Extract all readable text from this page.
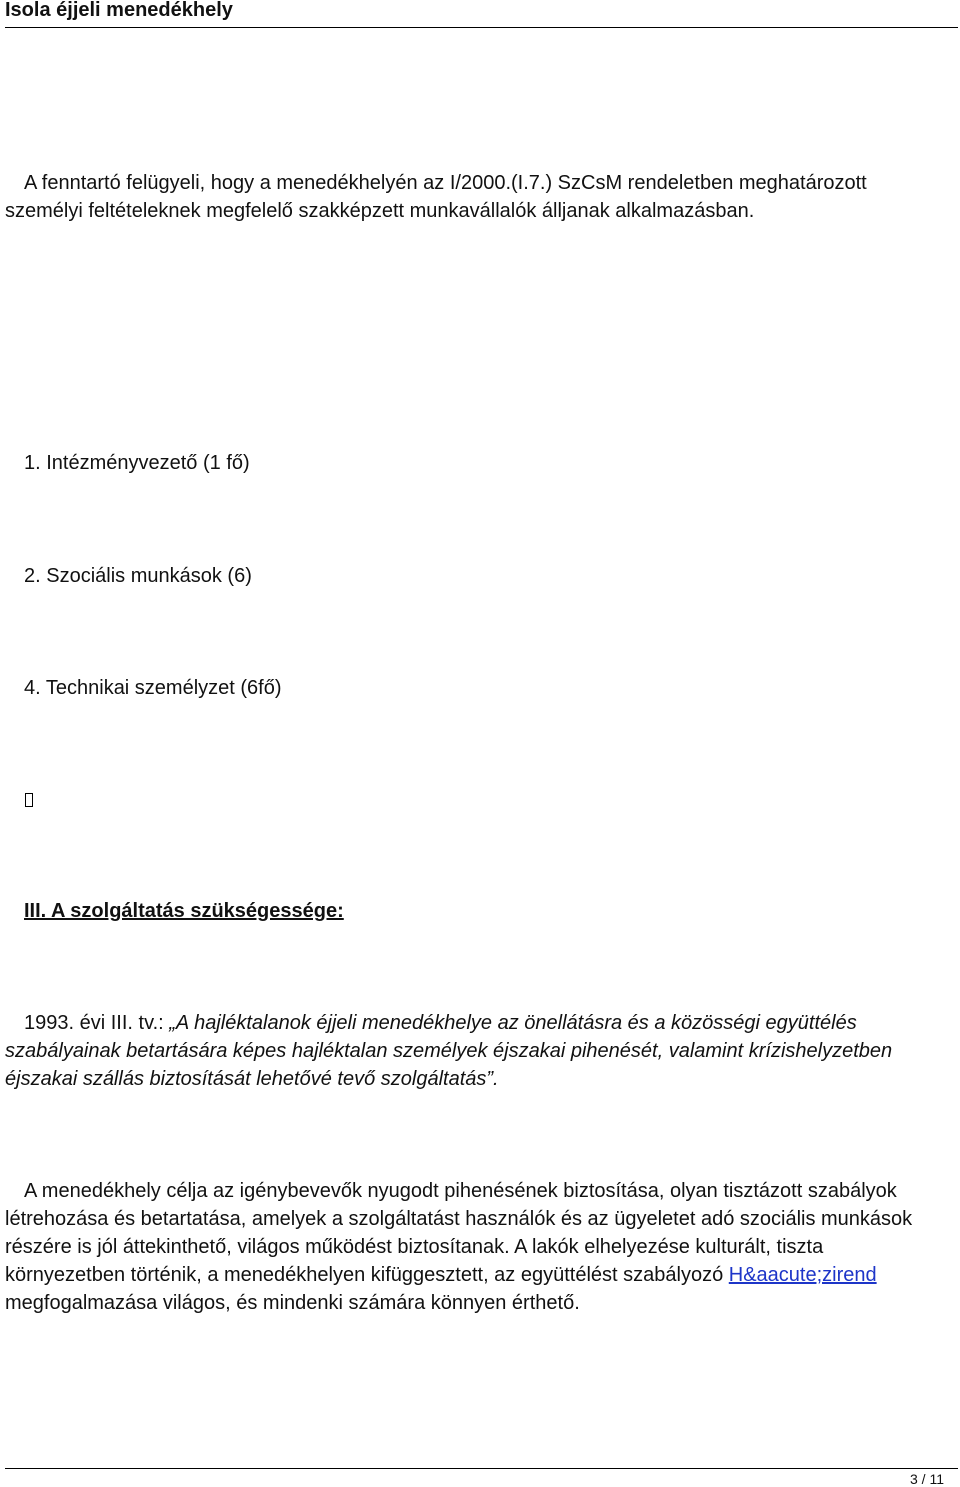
Isola éjjeli menedékhely

A fenntartó felügyeli, hogy a menedékhelyén az I/2000.(I.7.) SzCsM rendeletben meghatározott személyi feltételeknek megfelelő szakképzett munkavállalók álljanak alkalmazásban.

1. Intézményvezető (1 fő)

2. Szociális munkások (6)

4. Technikai személyzet (6fő)

III. A szolgáltatás szükségessége:

1993. évi III. tv.: „A hajléktalanok éjjeli menedékhelye az önellátásra és a közösségi együttélés szabályainak betartására képes hajléktalan személyek éjszakai pihenését, valamint krízishelyzetben éjszakai szállás biztosítását lehetővé tevő szolgáltatás”.

A menedékhely célja az igénybevevők nyugodt pihenésének biztosítása, olyan tisztázott szabályok létrehozása és betartatása, amelyek a szolgáltatást használók és az ügyeletet adó szociális munkások részére is jól áttekinthető, világos működést biztosítanak. A lakók elhelyezése kulturált, tiszta környezetben történik, a menedékhelyen kifüggesztett, az együttélést szabályozó H&aacute;zirend megfogalmazása világos, és mindenki számára könnyen érthető.

3 / 11
